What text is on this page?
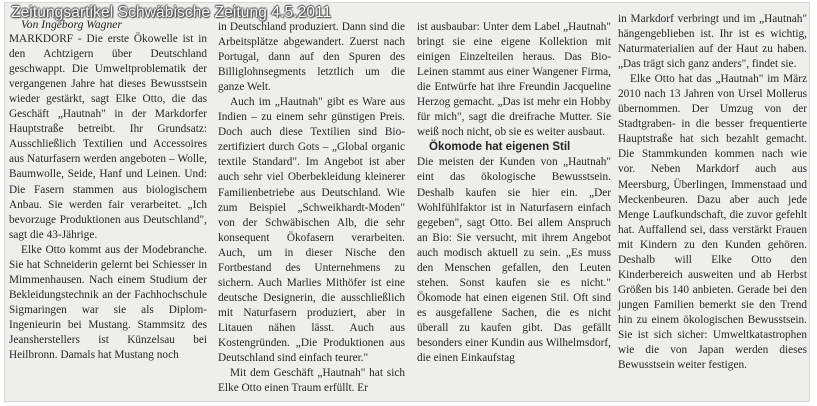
Von Ingeborg Wagner

MARKDORF - Die erste Ökowelle ist in den Achtzigern über Deutschland geschwappt. Die Umweltproblematik der vergangenen Jahre hat dieses Bewusstsein wieder gestärkt, sagt Elke Otto, die das Geschäft „Hautnah" in der Markdorfer Hauptstraße betreibt. Ihr Grundsatz: Ausschließlich Textilien und Accessoires aus Naturfasern werden angeboten – Wolle, Baumwolle, Seide, Hanf und Leinen. Und: Die Fasern stammen aus biologischem Anbau. Sie werden fair verarbeitet. „Ich bevorzuge Produktionen aus Deutschland", sagt die 43-Jährige.

Elke Otto kommt aus der Modebranche. Sie hat Schneiderin gelernt bei Schiesser in Mimmenhausen. Nach einem Studium der Bekleidungstechnik an der Fachhochschule Sigmaringen war sie als Diplom-Ingenieurin bei Mustang. Stammsitz des Jeansherstellers ist Künzelsau bei Heilbronn. Damals hat Mustang noch

in Deutschland produziert. Dann sind die Arbeitsplätze abgewandert. Zuerst nach Portugal, dann auf den Spuren des Billiglohnsegments letztlich um die ganze Welt.

Auch im „Hautnah" gibt es Ware aus Indien – zu einem sehr günstigen Preis. Doch auch diese Textilien sind Bio-zertifiziert durch Gots – „Global organic textile Standard". Im Angebot ist aber auch sehr viel Oberbekleidung kleinerer Familienbetriebe aus Deutschland. Wie zum Beispiel „Schweikhardt-Moden" von der Schwäbischen Alb, die sehr konsequent Ökofasern verarbeiten. Auch, um in dieser Nische den Fortbestand des Unternehmens zu sichern. Auch Marlies Mithöfer ist eine deutsche Designerin, die ausschließlich mit Naturfasern produziert, aber in Litauen nähen lässt. Auch aus Kostengründen. „Die Produktionen aus Deutschland sind einfach teurer."

Mit dem Geschäft „Hautnah" hat sich Elke Otto einen Traum erfüllt. Er

ist ausbaubar: Unter dem Label „Hautnah" bringt sie eine eigene Kollektion mit einigen Einzelteilen heraus. Das Bio-Leinen stammt aus einer Wangener Firma, die Entwürfe hat ihre Freundin Jacqueline Herzog gemacht. „Das ist mehr ein Hobby für mich", sagt die dreifrache Mutter. Sie weiß noch nicht, ob sie es weiter ausbaut.

Ökomode hat eigenen Stil

Die meisten der Kunden von „Hautnah" eint das ökologische Bewusstsein. Deshalb kaufen sie hier ein. „Der Wohlfühlfaktor ist in Naturfasern einfach gegeben", sagt Otto. Bei allem Anspruch an Bio: Sie versucht, mit ihrem Angebot auch modisch aktuell zu sein. „Es muss den Menschen gefallen, den Leuten stehen. Sonst kaufen sie es nicht." Ökomode hat einen eigenen Stil. Oft sind es ausgefallene Sachen, die es nicht überall zu kaufen gibt. Das gefällt besonders einer Kundin aus Wilhelmsdorf, die einen Einkaufstag

in Markdorf verbringt und im „Hautnah" hängengeblieben ist. Ihr ist es wichtig, Naturmaterialien auf der Haut zu haben. „Das trägt sich ganz anders", findet sie.

Elke Otto hat das „Hautnah" im März 2010 nach 13 Jahren von Ursel Mollerus übernommen. Der Umzug von der Stadtgraben- in die besser frequentierte Hauptstraße hat sich bezahlt gemacht. Die Stammkunden kommen nach wie vor. Neben Markdorf auch aus Meersburg, Überlingen, Immenstaad und Meckenbeuren. Dazu aber auch jede Menge Laufkundschaft, die zuvor gefehlt hat. Auffallend sei, dass verstärkt Frauen mit Kindern zu den Kunden gehören. Deshalb will Elke Otto den Kinderbereich ausweiten und ab Herbst Größen bis 140 anbieten. Gerade bei den jungen Familien bemerkt sie den Trend hin zu einem ökologischen Bewusstsein. Sie ist sich sicher: Umweltkatastrophen wie die von Japan werden dieses Bewusstsein weiter festigen.

Zeitungsartikel Schwäbische Zeitung 4.5.2011
